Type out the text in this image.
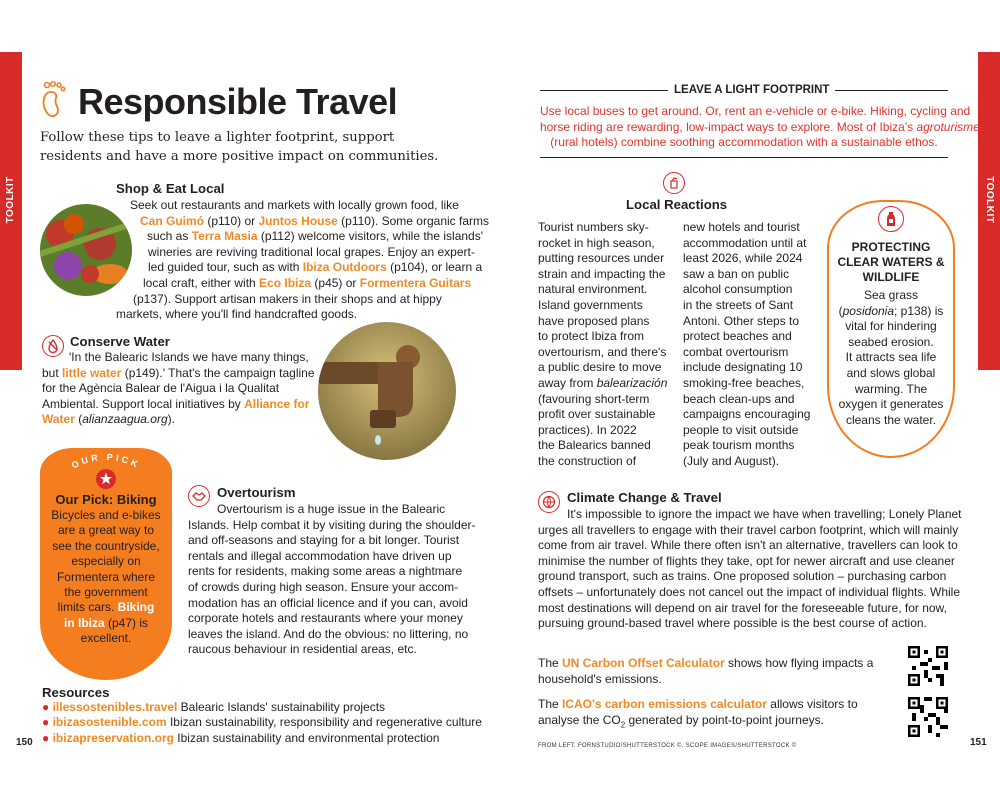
TOOLKIT
RESPONSIBLE TRAVEL
TOOLKIT
RESPONSIBLE TRAVEL
Responsible Travel
Follow these tips to leave a lighter footprint, support residents and have a more positive impact on communities.
Shop & Eat Local
Seek out restaurants and markets with locally grown food, like
Can Guimó (p110) or Juntos House (p110). Some organic farms
such as Terra Masia (p112) welcome visitors, while the islands'
wineries are reviving traditional local grapes. Enjoy an expert-
led guided tour, such as with Ibiza Outdoors (p104), or learn a
local craft, either with Eco Ibiza (p45) or Formentera Guitars
(p137). Support artisan makers in their shops and at hippy
markets, where you'll find handcrafted goods.
Conserve Water
'In the Balearic Islands we have many things,
but little water (p149).' That's the campaign tagline
for the Agència Balear de l'Aigua i la Qualitat
Ambiental. Support local initiatives by Alliance for
Water (alianzaagua.org).
OUR PICK
Our Pick: Biking
Bicycles and e-bikes
are a great way to
see the countryside,
especially on
Formentera where
the government
limits cars. Biking
in Ibiza (p47) is
excellent.
Overtourism
Overtourism is a huge issue in the Balearic
Islands. Help combat it by visiting during the shoulder-
and off-seasons and staying for a bit longer. Tourist
rentals and illegal accommodation have driven up
rents for residents, making some areas a nightmare
of crowds during high season. Ensure your accom-
modation has an official licence and if you can, avoid
corporate hotels and restaurants where your money
leaves the island. And do the obvious: no littering, no
raucous behaviour in residential areas, etc.
Resources
● illessostenibles.travel Balearic Islands' sustainability projects
● ibizasostenible.com Ibizan sustainability, responsibility and regenerative culture
● ibizapreservation.org Ibizan sustainability and environmental protection
150
LEAVE A LIGHT FOOTPRINT
Use local buses to get around. Or, rent an e-vehicle or e-bike. Hiking, cycling and
horse riding are rewarding, low-impact ways to explore. Most of Ibiza's agroturismes
(rural hotels) combine soothing accommodation with a sustainable ethos.
Local Reactions
Tourist numbers sky-
rocket in high season,
putting resources under
strain and impacting the
natural environment.
Island governments
have proposed plans
to protect Ibiza from
overtourism, and there's
a public desire to move
away from balearización
(favouring short-term
profit over sustainable
practices). In 2022
the Balearics banned
the construction of
new hotels and tourist
accommodation until at
least 2026, while 2024
saw a ban on public
alcohol consumption
in the streets of Sant
Antoni. Other steps to
protect beaches and
combat overtourism
include designating 10
smoking-free beaches,
beach clean-ups and
campaigns encouraging
people to visit outside
peak tourism months
(July and August).
PROTECTING
CLEAR WATERS &
WILDLIFE
Sea grass
(posidonia; p138) is
vital for hindering
seabed erosion.
It attracts sea life
and slows global
warming. The
oxygen it generates
cleans the water.
Climate Change & Travel
It's impossible to ignore the impact we have when travelling; Lonely Planet
urges all travellers to engage with their travel carbon footprint, which will mainly
come from air travel. While there often isn't an alternative, travellers can look to
minimise the number of flights they take, opt for newer aircraft and use cleaner
ground transport, such as trains. One proposed solution – purchasing carbon
offsets – unfortunately does not cancel out the impact of individual flights. While
most destinations will depend on air travel for the foreseeable future, for now,
pursuing ground-based travel where possible is the best course of action.
The UN Carbon Offset Calculator shows how flying impacts a
household's emissions.
The ICAO's carbon emissions calculator allows visitors to
analyse the $CO_2$ generated by point-to-point journeys.
FROM LEFT: FORNSTUDIO/SHUTTERSTOCK ©, SCOPE IMAGES/SHUTTERSTOCK ©	151
